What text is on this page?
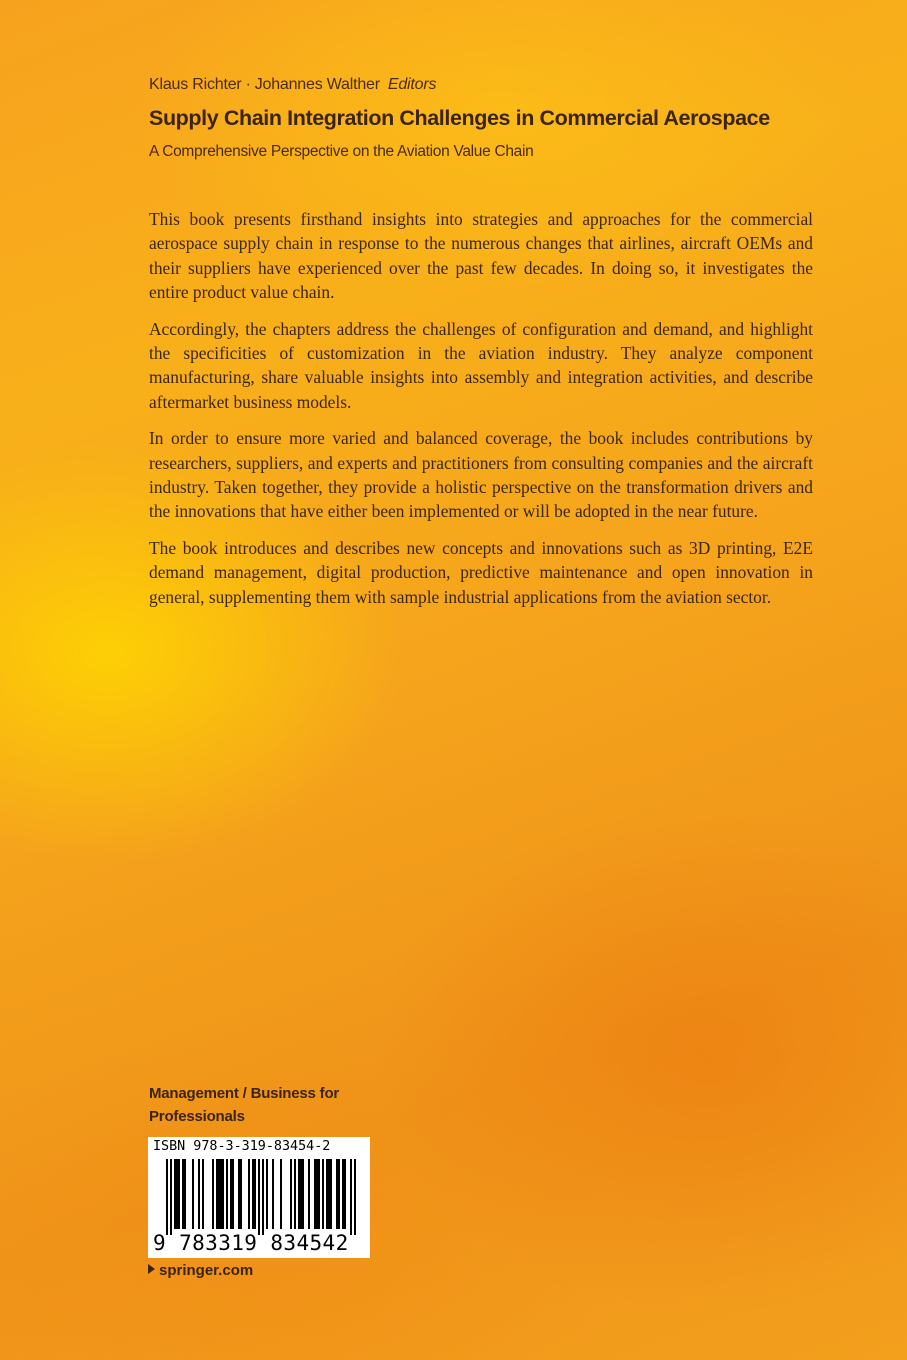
Klaus Richter · Johannes Walther Editors
Supply Chain Integration Challenges in Commercial Aerospace
A Comprehensive Perspective on the Aviation Value Chain

This book presents firsthand insights into strategies and approaches for the commercial aerospace supply chain in response to the numerous changes that airlines, aircraft OEMs and their suppliers have experienced over the past few decades. In doing so, it investigates the entire product value chain.

Accordingly, the chapters address the challenges of configuration and demand, and highlight the specificities of customization in the aviation industry. They analyze component manufacturing, share valuable insights into assembly and integration activities, and describe aftermarket business models.

In order to ensure more varied and balanced coverage, the book includes contributions by researchers, suppliers, and experts and practitioners from consulting companies and the aircraft industry. Taken together, they provide a holistic perspective on the transformation drivers and the innovations that have either been implemented or will be adopted in the near future.

The book introduces and describes new concepts and innovations such as 3D printing, E2E demand management, digital production, predictive maintenance and open innovation in general, supplementing them with sample industrial applications from the aviation sector.

Management / Business for
Professionals
ISBN 978-3-319-83454-2
9 783319 834542
springer.com
